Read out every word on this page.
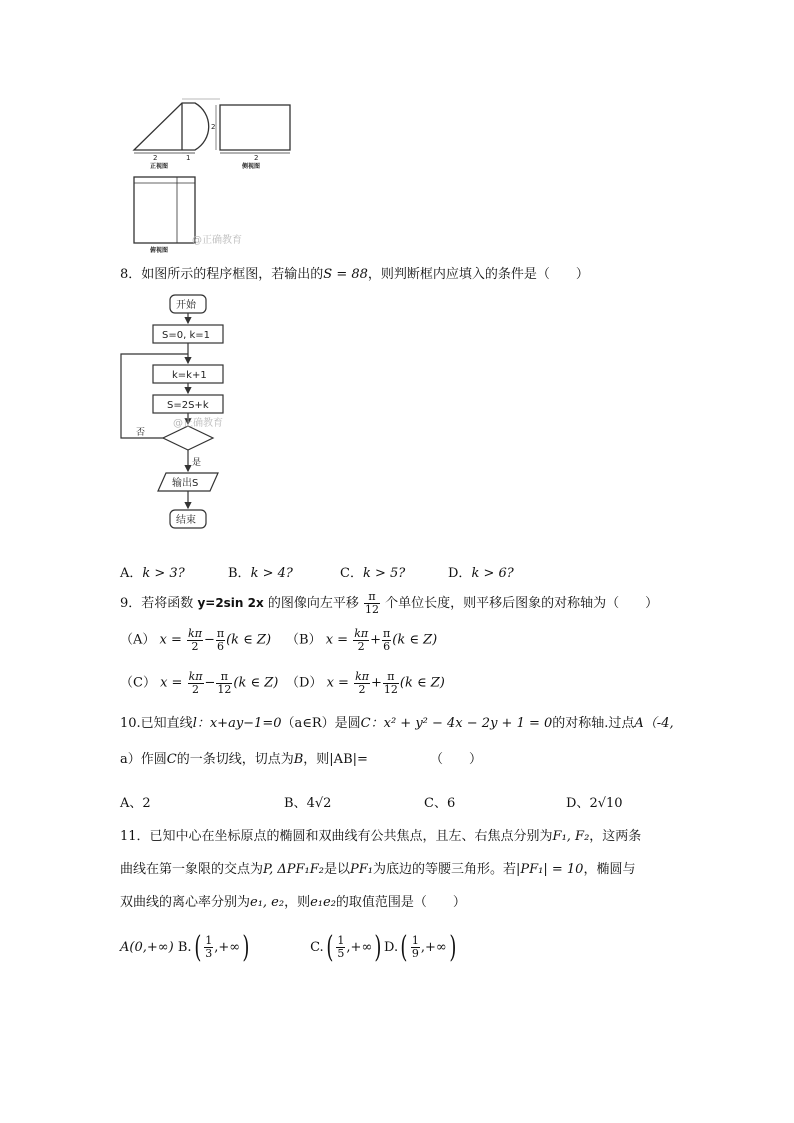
2	1
2
2
正视图	侧视图
@正确教育
俯视图
8．如图所示的程序框图，若输出的S = 88，则判断框内应填入的条件是（　　）
开始
S=0, k=1
k=k+1
S=2S+k
否
是
输出S
结束
@正确教育
A．k > 3?	B．k > 4?	C．k > 5?	D．k > 6?
9．若将函数 y=2sin 2x 的图像向左平移 $\frac{\pi}{12}$ 个单位长度，则平移后图象的对称轴为（　　）
（A） $x = \frac{k\pi}{2} - \frac{\pi}{6} (k$ ∈ Z) （B） $x = \frac{k\pi}{2} + \frac{\pi}{6} (k$ ∈ Z)
（C） $x = \frac{k\pi}{2} - \frac{\pi}{12} (k$ ∈ Z) （D） $x = \frac{k\pi}{2} + \frac{\pi}{12} (k$ ∈ Z)
10.已知直线l：x+ay−1=0（a∈R）是圆C：x² + y² − 4x − 2y + 1 = 0的对称轴.过点A（-4,
a）作圆C的一条切线，切点为B，则|AB|=	（　　）
A、2	B、4√2	C、6	D、2√10
11．已知中心在坐标原点的椭圆和双曲线有公共焦点，且左、右焦点分别为F₁, F₂，这两条
曲线在第一象限的交点为P, ΔPF₁F₂是以PF₁为底边的等腰三角形。若|PF₁| = 10，椭圆与
双曲线的离心率分别为e₁, e₂，则e₁e₂的取值范围是（　　）
A(0,+∞) $B.( \frac{1}{3}$ ,+∞)	$C.( \frac{1}{5}$ ,+∞) $D.( \frac{1}{9}$ ,+∞)
